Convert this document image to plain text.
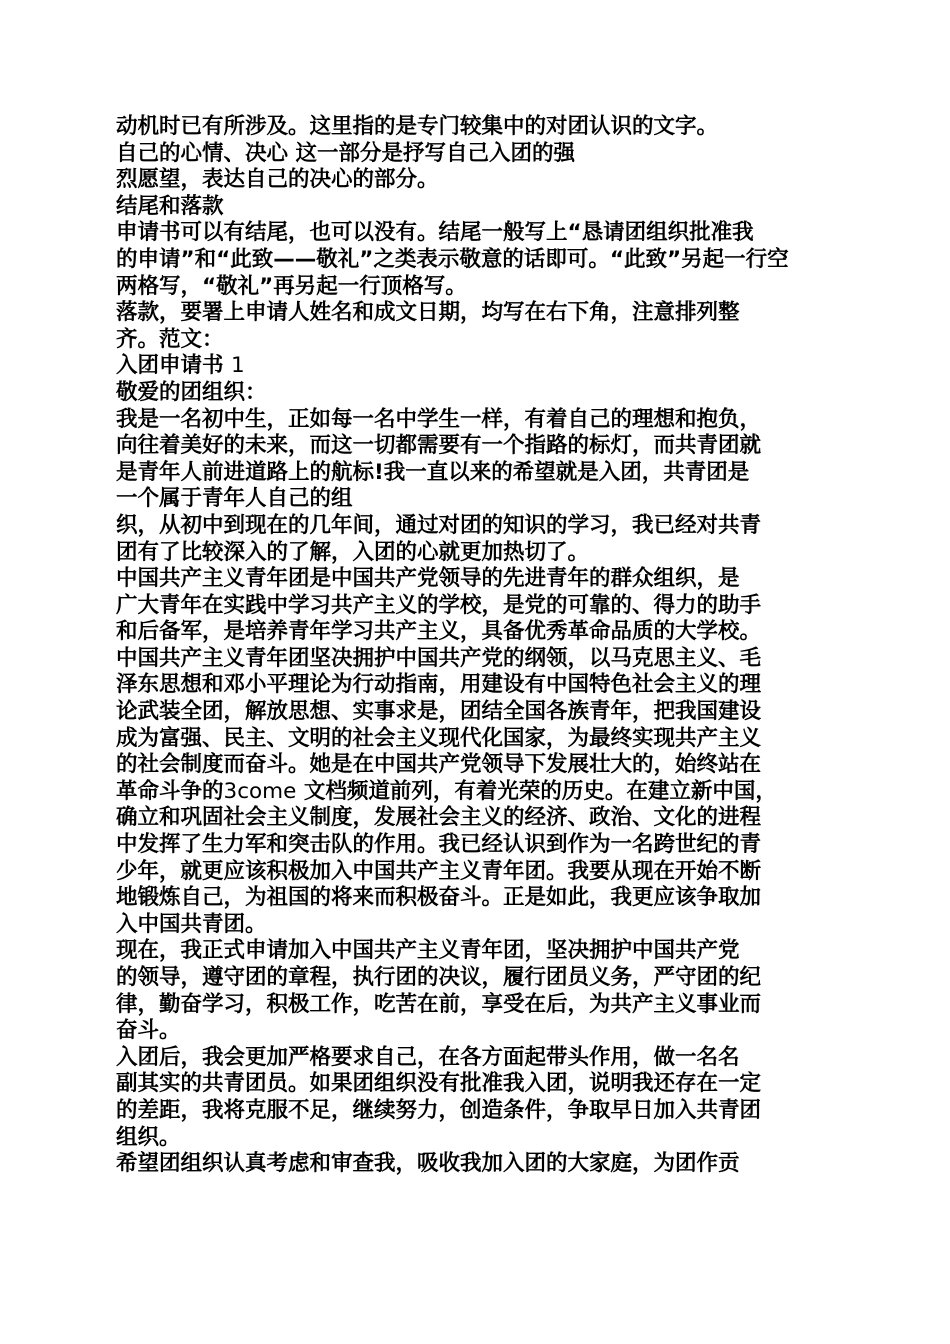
动机时已有所涉及。这里指的是专门较集中的对团认识的文字。
自己的心情、决心 这一部分是抒写自己入团的强
烈愿望，表达自己的决心的部分。
结尾和落款
申请书可以有结尾，也可以没有。结尾一般写上“恳请团组织批准我
的申请”和“此致——敬礼”之类表示敬意的话即可。“此致”另起一行空
两格写，“敬礼”再另起一行顶格写。
落款，要署上申请人姓名和成文日期，均写在右下角，注意排列整
齐。范文：
入团申请书 1
敬爱的团组织：
我是一名初中生，正如每一名中学生一样，有着自己的理想和抱负，
向往着美好的未来，而这一切都需要有一个指路的标灯，而共青团就
是青年人前进道路上的航标!我一直以来的希望就是入团，共青团是
一个属于青年人自己的组
织，从初中到现在的几年间，通过对团的知识的学习，我已经对共青
团有了比较深入的了解，入团的心就更加热切了。
中国共产主义青年团是中国共产党领导的先进青年的群众组织，是
广大青年在实践中学习共产主义的学校，是党的可靠的、得力的助手
和后备军，是培养青年学习共产主义，具备优秀革命品质的大学校。
中国共产主义青年团坚决拥护中国共产党的纲领，以马克思主义、毛
泽东思想和邓小平理论为行动指南，用建设有中国特色社会主义的理
论武装全团，解放思想、实事求是，团结全国各族青年，把我国建设
成为富强、民主、文明的社会主义现代化国家，为最终实现共产主义
的社会制度而奋斗。她是在中国共产党领导下发展壮大的，始终站在
革命斗争的3come 文档频道前列，有着光荣的历史。在建立新中国，
确立和巩固社会主义制度，发展社会主义的经济、政治、文化的进程
中发挥了生力军和突击队的作用。我已经认识到作为一名跨世纪的青
少年，就更应该积极加入中国共产主义青年团。我要从现在开始不断
地锻炼自己，为祖国的将来而积极奋斗。正是如此，我更应该争取加
入中国共青团。
现在，我正式申请加入中国共产主义青年团，坚决拥护中国共产党
的领导，遵守团的章程，执行团的决议，履行团员义务，严守团的纪
律，勤奋学习，积极工作，吃苦在前，享受在后，为共产主义事业而
奋斗。
入团后，我会更加严格要求自己，在各方面起带头作用，做一名名
副其实的共青团员。如果团组织没有批准我入团，说明我还存在一定
的差距，我将克服不足，继续努力，创造条件，争取早日加入共青团
组织。
希望团组织认真考虑和审查我，吸收我加入团的大家庭，为团作贡
